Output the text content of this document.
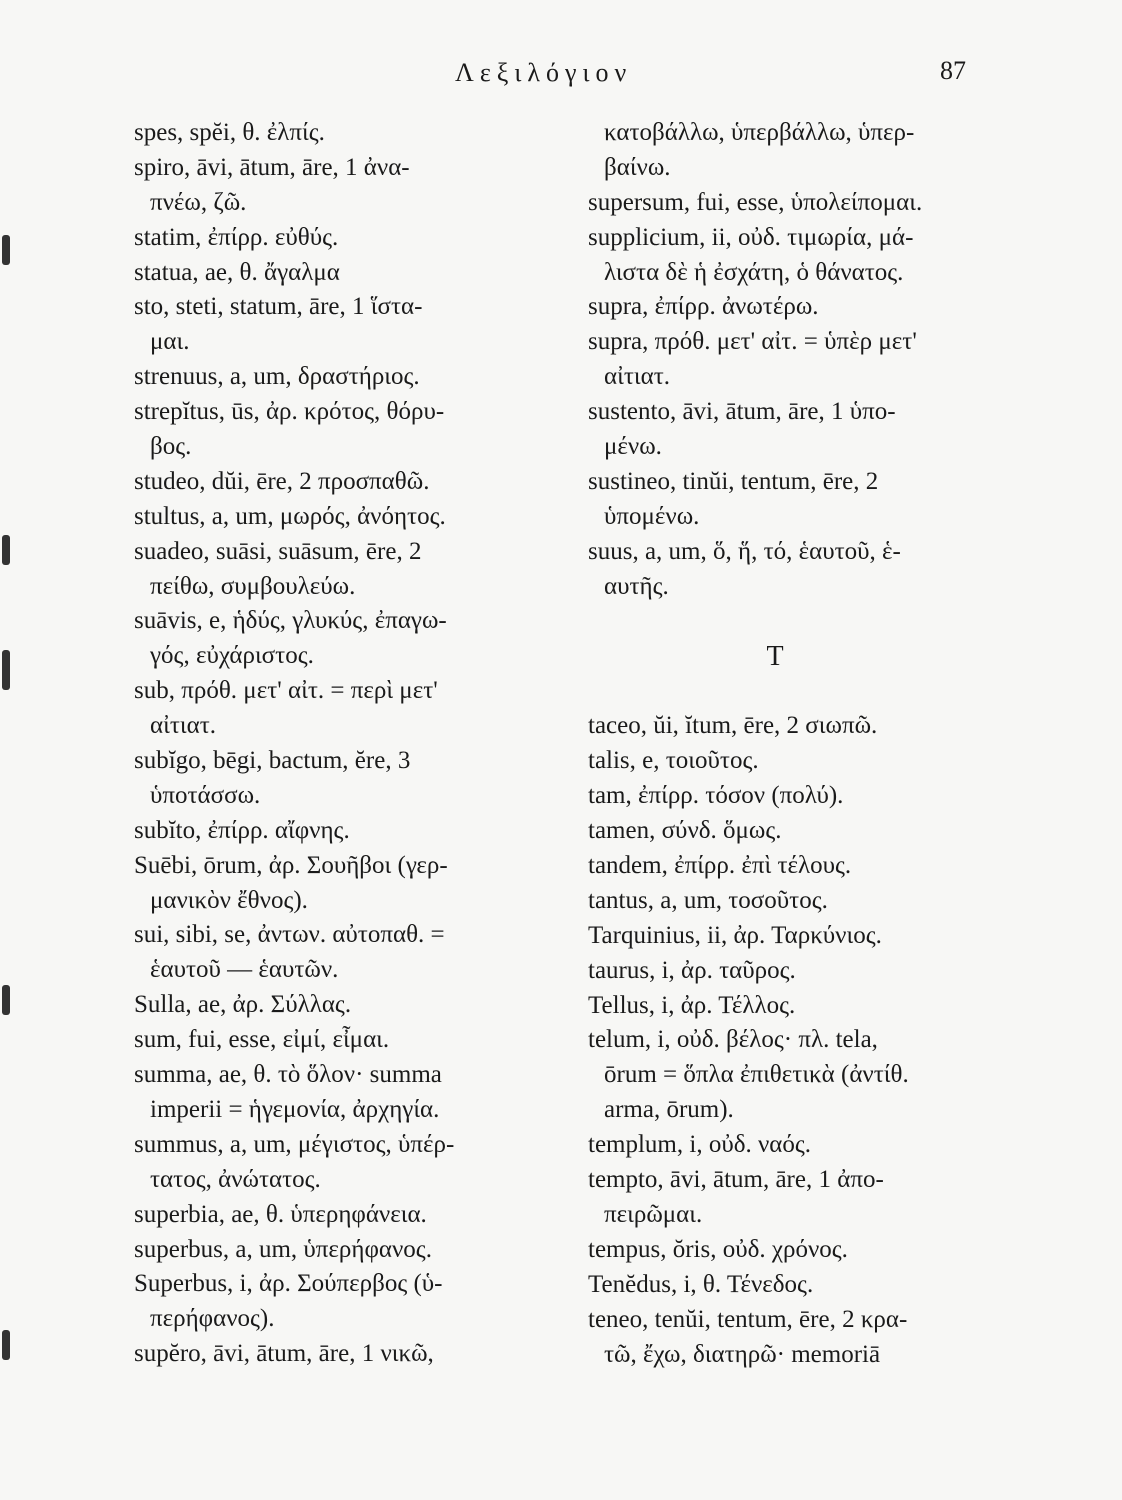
Λεξιλόγιον	87
spes, spĕi, θ. ἐλπίς.
spiro, āvi, ātum, āre, 1 ἀνα-
πνέω, ζῶ.
statim, ἐπίρρ. εὐθύς.
statua, ae, θ. ἄγαλμα
sto, steti, statum, āre, 1 ἵστα-
μαι.
strenuus, a, um, δραστήριος.
strepĭtus, ūs, ἀρ. κρότος, θόρυ-
βος.
studeo, dŭi, ēre, 2 προσπαθῶ.
stultus, a, um, μωρός, ἀνόητος.
suadeo, suāsi, suāsum, ēre, 2
πείθω, συμβουλεύω.
suāvis, e, ἡδύς, γλυκύς, ἐπαγω-
γός, εὐχάριστος.
sub, πρόθ. μετ' αἰτ. = περὶ μετ'
αἰτιατ.
subĭgo, bēgi, bactum, ĕre, 3
ὑποτάσσω.
subĭto, ἐπίρρ. αἴφνης.
Suēbi, ōrum, ἀρ. Σουῆβοι (γερ-
μανικὸν ἔθνος).
sui, sibi, se, ἀντων. αὐτοπαθ. =
ἑαυτοῦ — ἑαυτῶν.
Sulla, ae, ἀρ. Σύλλας.
sum, fui, esse, εἰμί, εἶμαι.
summa, ae, θ. τὸ ὅλον· summa
imperii = ἡγεμονία, ἀρχηγία.
summus, a, um, μέγιστος, ὑπέρ-
τατος, ἀνώτατος.
superbia, ae, θ. ὑπερηφάνεια.
superbus, a, um, ὑπερήφανος.
Superbus, i, ἀρ. Σούπερβος (ὑ-
περήφανος).
supĕro, āvi, ātum, āre, 1 νικῶ,
κατοβάλλω, ὑπερβάλλω, ὑπερ-
βαίνω.
supersum, fui, esse, ὑπολείπομαι.
supplicium, ii, οὐδ. τιμωρία, μά-
λιστα δὲ ἡ ἐσχάτη, ὁ θάνατος.
supra, ἐπίρρ. ἀνωτέρω.
supra, πρόθ. μετ' αἰτ. = ὑπὲρ μετ'
αἰτιατ.
sustento, āvi, ātum, āre, 1 ὑπο-
μένω.
sustineo, tinŭi, tentum, ēre, 2
ὑπομένω.
suus, a, um, ὅ, ἥ, τό, ἑαυτοῦ, ἑ-
αυτῆς.
T
taceo, ŭi, ĭtum, ēre, 2 σιωπῶ.
talis, e, τοιοῦτος.
tam, ἐπίρρ. τόσον (πολύ).
tamen, σύνδ. ὅμως.
tandem, ἐπίρρ. ἐπὶ τέλους.
tantus, a, um, τοσοῦτος.
Tarquinius, ii, ἀρ. Ταρκύνιος.
taurus, i, ἀρ. ταῦρος.
Tellus, i, ἀρ. Τέλλος.
telum, i, οὐδ. βέλος· πλ. tela,
ōrum = ὅπλα ἐπιθετικὰ (ἀντίθ.
arma, ōrum).
templum, i, οὐδ. ναός.
tempto, āvi, ātum, āre, 1 ἀπο-
πειρῶμαι.
tempus, ŏris, οὐδ. χρόνος.
Tenĕdus, i, θ. Τένεδος.
teneo, tenŭi, tentum, ēre, 2 κρα-
τῶ, ἔχω, διατηρῶ· memoriā
